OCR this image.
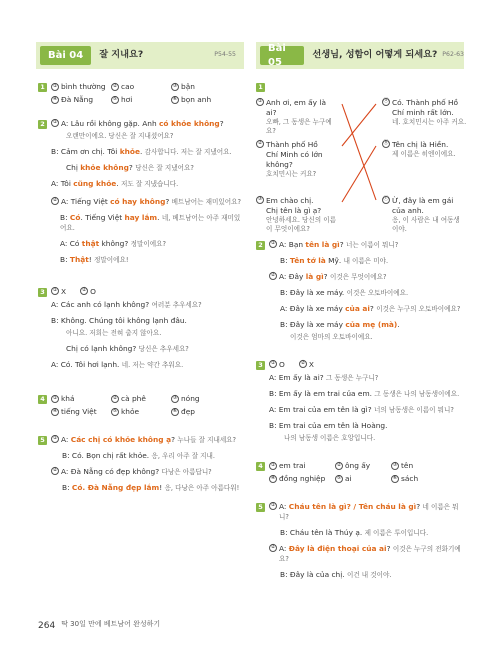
Bài 04	잘 지내요?	P54-55
Bài 05
선생님, 성함이 어떻게 되세요? P62-63
1	① bình thường ② cao	③ bận
④ Đà Nẵng	⑤ hơi	⑥ bọn anh
2	① A: Lâu rồi không gặp. Anh có khỏe không?
오랜만이에요. 당신은 잘 지내셨어요?
B: Cảm ơn chị. Tôi khỏe. 감사합니다. 저는 잘 지냈어요.
Chị khỏe không? 당신은 잘 지냈어요?
A: Tôi cũng khỏe. 저도 잘 지냈습니다.
② A: Tiếng Việt có hay không? 베트남어는 재미있어요?
B: Có. Tiếng Việt hay lắm. 네, 베트남어는 아주 재미있어요.
A: Có thật không? 정말이에요?
B: Thật! 정말이에요!
3	① X	② O
A: Các anh có lạnh không? 여러분 추우세요?
B: Không. Chúng tôi không lạnh đâu.
아니요. 저희는 전혀 춥지 않아요.
Chị có lạnh không? 당신은 추우세요?
A: Có. Tôi hơi lạnh. 네. 저는 약간 추워요.
4	① khá	② cà phê	③ nóng
④ tiếng Việt	⑤ khỏe	⑥ đẹp
5	① A: Các chị có khỏe không ạ? 누나들 잘 지내세요?
B: Có. Bọn chị rất khỏe. 응, 우리 아주 잘 지내.
② A: Đà Nẵng có đẹp không? 다낭은 아름답니?
B: Có. Đà Nẵng đẹp lắm! 응, 다낭은 아주 아름다워!
1
① Anh ơi, em ấy là ai?
오빠, 그 동생은 누구예요?
② Thành phố Hồ
Chí Minh có lớn
không?
호치민시는 커요?
③ Em chào chị.
Chị tên là gì ạ?
안녕하세요. 당신의 이름이 무엇이에요?
ⓐ Có. Thành phố Hồ
Chí minh rất lớn.
네. 호치민시는 아주 커요.
ⓑ Tên chị là Hiền.
제 이름은 히엔이에요.
ⓒ Ừ, đây là em gái
của anh.
응, 이 사람은 내 여동생이야.
2	① A: Bạn tên là gì? 너는 이름이 뭐니?
B: Tên tớ là Mỹ. 내 이름은 미야.
② A: Đây là gì? 이것은 무엇이에요?
B: Đây là xe máy. 이것은 오토바이예요.
A: Đây là xe máy của ai? 이것은 누구의 오토바이예요?
B: Đây là xe máy của mẹ (mà).
이것은 엄마의 오토바이예요.
3	① O	② X
A: Em ấy là ai? 그 동생은 누구니?
B: Em ấy là em trai của em. 그 동생은 나의 남동생이에요.
A: Em trai của em tên là gì? 너의 남동생은 이름이 뭐니?
B: Em trai của em tên là Hoàng.
나의 남동생 이름은 호앙입니다.
4	① em trai	② ông ấy	③ tên
④ đồng nghiệp ⑤ ai	⑥ sách
5	① A: Cháu tên là gì? / Tên cháu là gì? 네 이름은 뭐니?
B: Cháu tên là Thúy ạ. 제 이름은 투이입니다.
② A: Đây là điện thoại của ai? 이것은 누구의 전화기예요?
B: Đây là của chị. 이건 내 것이야.
264 딱 30일 만에 베트남어 완성하기
